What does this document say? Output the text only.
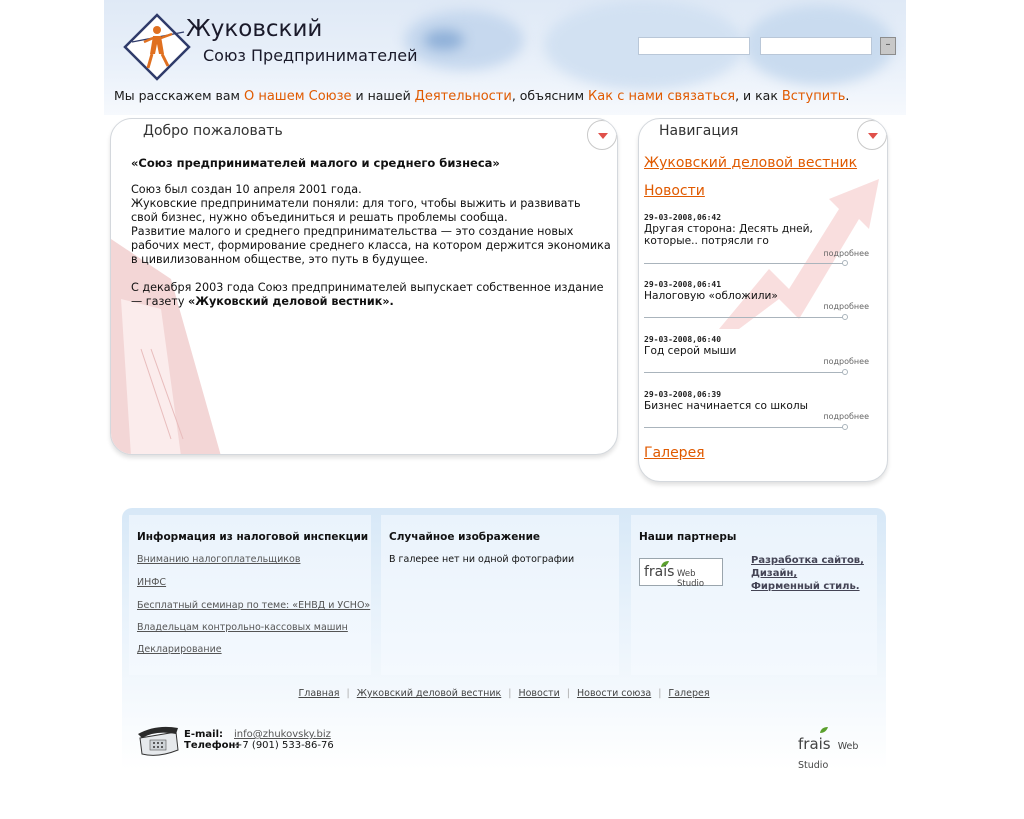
Жуковский
Союз Предпринимателей
–
Мы расскажем вам О нашем Союзе и нашей Деятельности, объясним Как с нами связаться, и как Вступить.
Добро пожаловать
«Союз предпринимателей малого и среднего бизнеса»

Союз был создан 10 апреля 2001 года.
Жуковские предприниматели поняли: для того, чтобы выжить и развивать свой бизнес, нужно объединиться и решать проблемы сообща.
Развитие малого и среднего предпринимательства — это создание новых рабочих мест, формирование среднего класса, на котором держится экономика в цивилизованном обществе, это путь в будущее.

С декабря 2003 года Союз предпринимателей выпускает собственное издание — газету «Жуковский деловой вестник».

Навигация
Жуковский деловой вестник
Новости
29-03-2008,06:42
Другая сторона: Десять дней, которые.. потрясли го
подробнее
29-03-2008,06:41
Налоговую «обложили»
подробнее
29-03-2008,06:40
Год серой мыши
подробнее
29-03-2008,06:39
Бизнес начинается со школы
подробнее
Галерея
Информация из налоговой инспекции
Вниманию налогоплательщиков
ИНФС
Бесплатный семинар по теме: «ЕНВД и УСНО»
Владельцам контрольно-кассовых машин
Декларирование
Случайное изображение
В галерее нет ни одной фотографии
Наши партнеры
frais Web Studio
Разработка сайтов,
Дизайн,
Фирменный стиль.
Главная | Жуковский деловой вестник | Новости | Новости союза | Галерея
E-mail: info@zhukovsky.biz
Телефон:+7 (901) 533-86-76	frais Web Studio
